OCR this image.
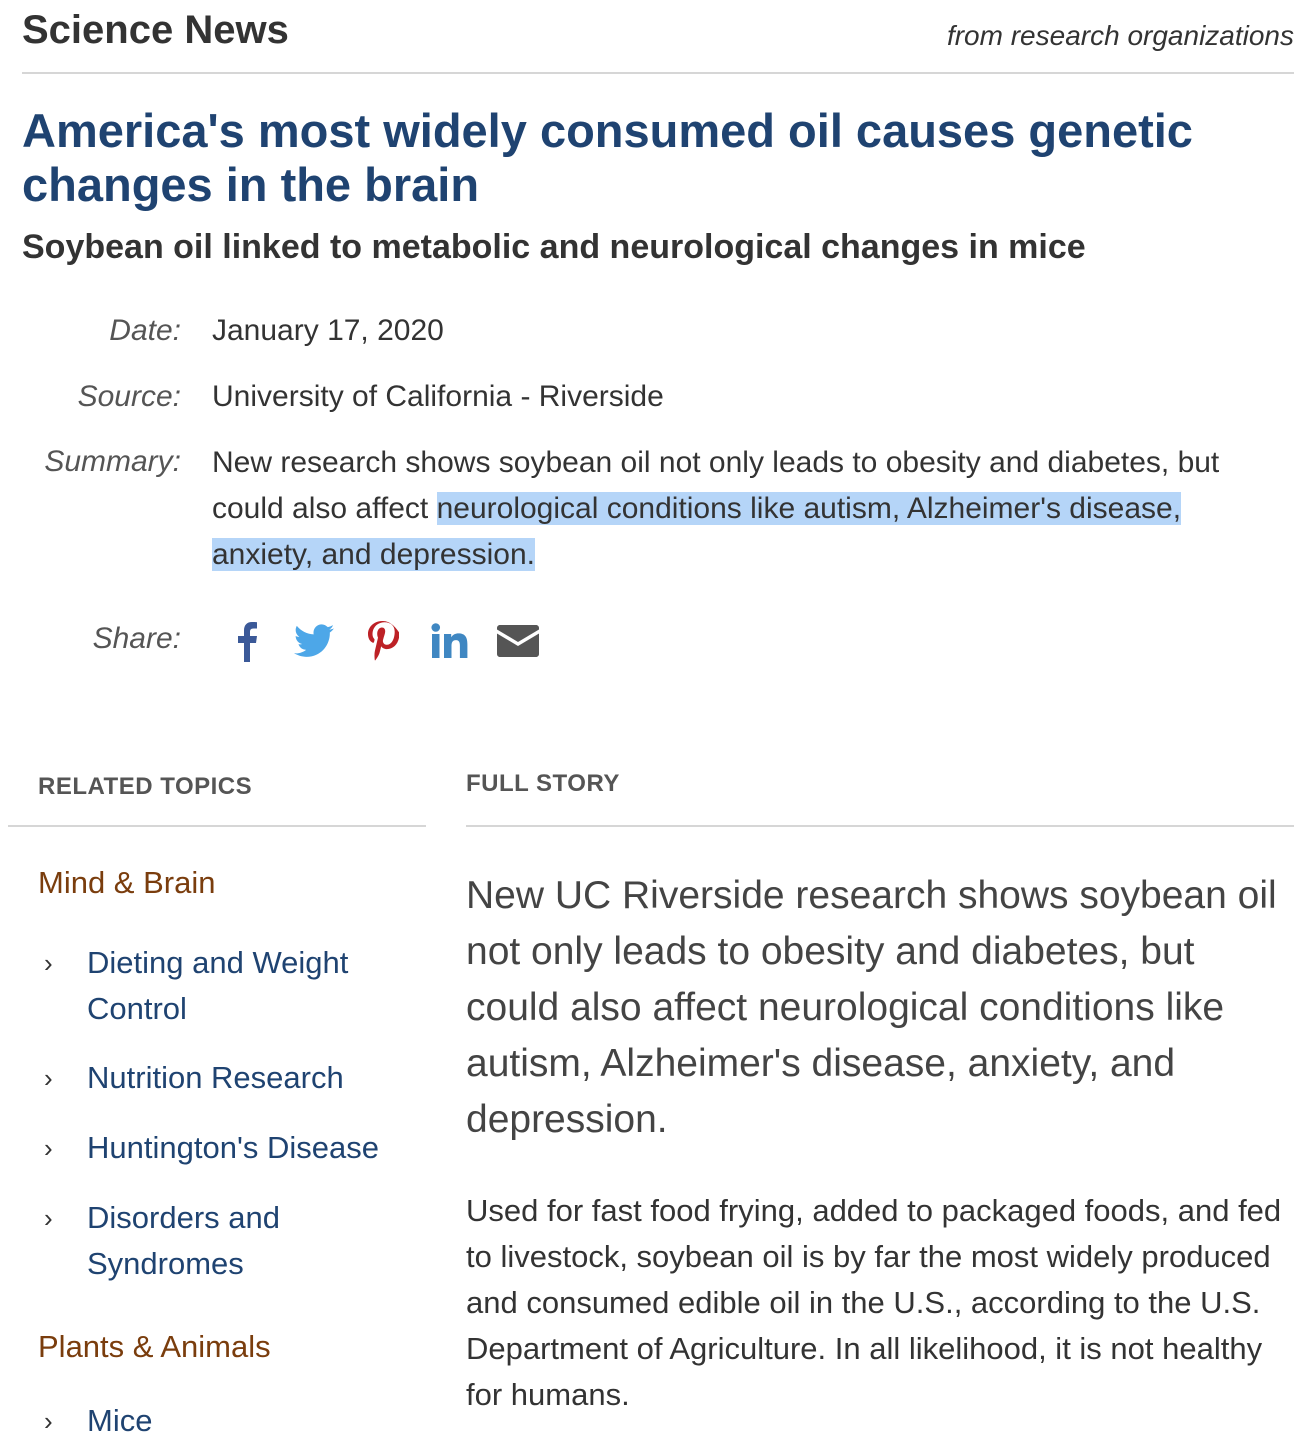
Science News	from research organizations
America's most widely consumed oil causes genetic changes in the brain
Soybean oil linked to metabolic and neurological changes in mice
Date: January 17, 2020
Source: University of California - Riverside
Summary: New research shows soybean oil not only leads to obesity and diabetes, but could also affect neurological conditions like autism, Alzheimer's disease, anxiety, and depression.
Share:
RELATED TOPICS	FULL STORY
Mind & Brain
› Dieting and Weight Control
› Nutrition Research
› Huntington's Disease
› Disorders and Syndromes
Plants & Animals
› Mice

New UC Riverside research shows soybean oil not only leads to obesity and diabetes, but could also affect neurological conditions like autism, Alzheimer's disease, anxiety, and depression.

Used for fast food frying, added to packaged foods, and fed to livestock, soybean oil is by far the most widely produced and consumed edible oil in the U.S., according to the U.S. Department of Agriculture. In all likelihood, it is not healthy for humans.
